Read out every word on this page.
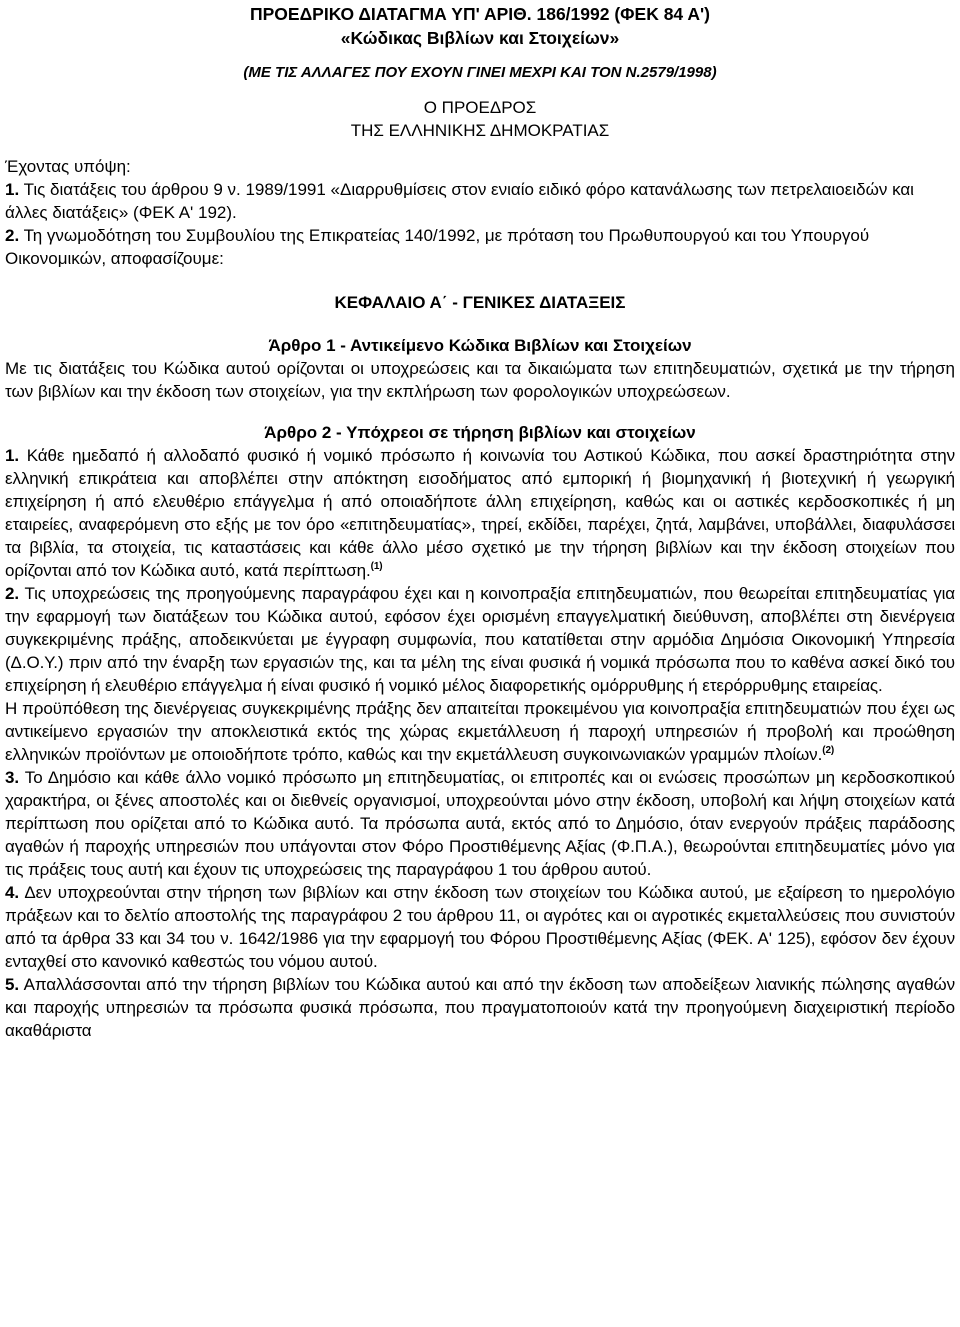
ΠΡΟΕΔΡΙΚΟ ΔΙΑΤΑΓΜΑ ΥΠ' ΑΡΙΘ. 186/1992 (ΦΕΚ 84 Α')
«Κώδικας Βιβλίων και Στοιχείων»
(ΜΕ ΤΙΣ ΑΛΛΑΓΕΣ ΠΟΥ ΕΧΟΥΝ ΓΙΝΕΙ ΜΕΧΡΙ ΚΑΙ ΤΟΝ Ν.2579/1998)
Ο ΠΡΟΕΔΡΟΣ
ΤΗΣ ΕΛΛΗΝΙΚΗΣ ΔΗΜΟΚΡΑΤΙΑΣ

Έχοντας υπόψη:

1. Τις διατάξεις του άρθρου 9 ν. 1989/1991 «Διαρρυθμίσεις στον ενιαίο ειδικό φόρο κατανάλωσης των πετρελαιοειδών και άλλες διατάξεις» (ΦΕΚ Α' 192).

2. Τη γνωμοδότηση του Συμβουλίου της Επικρατείας 140/1992, με πρόταση του Πρωθυπουργού και του Υπουργού Οικονομικών, αποφασίζουμε:

ΚΕΦΑΛΑΙΟ Α΄ - ΓΕΝΙΚΕΣ ΔΙΑΤΑΞΕΙΣ
Άρθρο 1 - Αντικείμενο Κώδικα Βιβλίων και Στοιχείων
Με τις διατάξεις του Κώδικα αυτού ορίζονται οι υποχρεώσεις και τα δικαιώματα των επιτηδευματιών, σχετικά με την τήρηση των βιβλίων και την έκδοση των στοιχείων, για την εκπλήρωση των φορολογικών υποχρεώσεων.
Άρθρο 2 - Υπόχρεοι σε τήρηση βιβλίων και στοιχείων

1. Κάθε ημεδαπό ή αλλοδαπό φυσικό ή νομικό πρόσωπο ή κοινωνία του Αστικού Κώδικα, που ασκεί δραστηριότητα στην ελληνική επικράτεια και αποβλέπει στην απόκτηση εισοδήματος από εμπορική ή βιομηχανική ή βιοτεχνική ή γεωργική επιχείρηση ή από ελευθέριο επάγγελμα ή από οποιαδήποτε άλλη επιχείρηση, καθώς και οι αστικές κερδοσκοπικές ή μη εταιρείες, αναφερόμενη στο εξής με τον όρο «επιτηδευματίας», τηρεί, εκδίδει, παρέχει, ζητά, λαμβάνει, υποβάλλει, διαφυλάσσει τα βιβλία, τα στοιχεία, τις καταστάσεις και κάθε άλλο μέσο σχετικό με την τήρηση βιβλίων και την έκδοση στοιχείων που ορίζονται από τον Κώδικα αυτό, κατά περίπτωση.$^{(1)}$

2. Τις υποχρεώσεις της προηγούμενης παραγράφου έχει και η κοινοπραξία επιτηδευματιών, που θεωρείται επιτηδευματίας για την εφαρμογή των διατάξεων του Κώδικα αυτού, εφόσον έχει ορισμένη επαγγελματική διεύθυνση, αποβλέπει στη διενέργεια συγκεκριμένης πράξης, αποδεικνύεται με έγγραφη συμφωνία, που κατατίθεται στην αρμόδια Δημόσια Οικονομική Υπηρεσία (Δ.Ο.Υ.) πριν από την έναρξη των εργασιών της, και τα μέλη της είναι φυσικά ή νομικά πρόσωπα που το καθένα ασκεί δικό του επιχείρηση ή ελευθέριο επάγγελμα ή είναι φυσικό ή νομικό μέλος διαφορετικής ομόρρυθμης ή ετερόρρυθμης εταιρείας.

Η προϋπόθεση της διενέργειας συγκεκριμένης πράξης δεν απαιτείται προκειμένου για κοινοπραξία επιτηδευματιών που έχει ως αντικείμενο εργασιών την αποκλειστικά εκτός της χώρας εκμετάλλευση ή παροχή υπηρεσιών ή προβολή και προώθηση ελληνικών προϊόντων με οποιοδήποτε τρόπο, καθώς και την εκμετάλλευση συγκοινωνιακών γραμμών πλοίων.$^{(2)}$

3. Το Δημόσιο και κάθε άλλο νομικό πρόσωπο μη επιτηδευματίας, οι επιτροπές και οι ενώσεις προσώπων μη κερδοσκοπικού χαρακτήρα, οι ξένες αποστολές και οι διεθνείς οργανισμοί, υποχρεούνται μόνο στην έκδοση, υποβολή και λήψη στοιχείων κατά περίπτωση που ορίζεται από το Κώδικα αυτό. Τα πρόσωπα αυτά, εκτός από το Δημόσιο, όταν ενεργούν πράξεις παράδοσης αγαθών ή παροχής υπηρεσιών που υπάγονται στον Φόρο Προστιθέμενης Αξίας (Φ.Π.Α.), θεωρούνται επιτηδευματίες μόνο για τις πράξεις τους αυτή και έχουν τις υποχρεώσεις της παραγράφου 1 του άρθρου αυτού.

4. Δεν υποχρεούνται στην τήρηση των βιβλίων και στην έκδοση των στοιχείων του Κώδικα αυτού, με εξαίρεση το ημερολόγιο πράξεων και το δελτίο αποστολής της παραγράφου 2 του άρθρου 11, οι αγρότες και οι αγροτικές εκμεταλλεύσεις που συνιστούν από τα άρθρα 33 και 34 του ν. 1642/1986 για την εφαρμογή του Φόρου Προστιθέμενης Αξίας (ΦΕΚ. Α' 125), εφόσον δεν έχουν ενταχθεί στο κανονικό καθεστώς του νόμου αυτού.

5. Απαλλάσσονται από την τήρηση βιβλίων του Κώδικα αυτού και από την έκδοση των αποδείξεων λιανικής πώλησης αγαθών και παροχής υπηρεσιών τα πρόσωπα φυσικά πρόσωπα, που πραγματοποιούν κατά την προηγούμενη διαχειριστική περίοδο ακαθάριστα
